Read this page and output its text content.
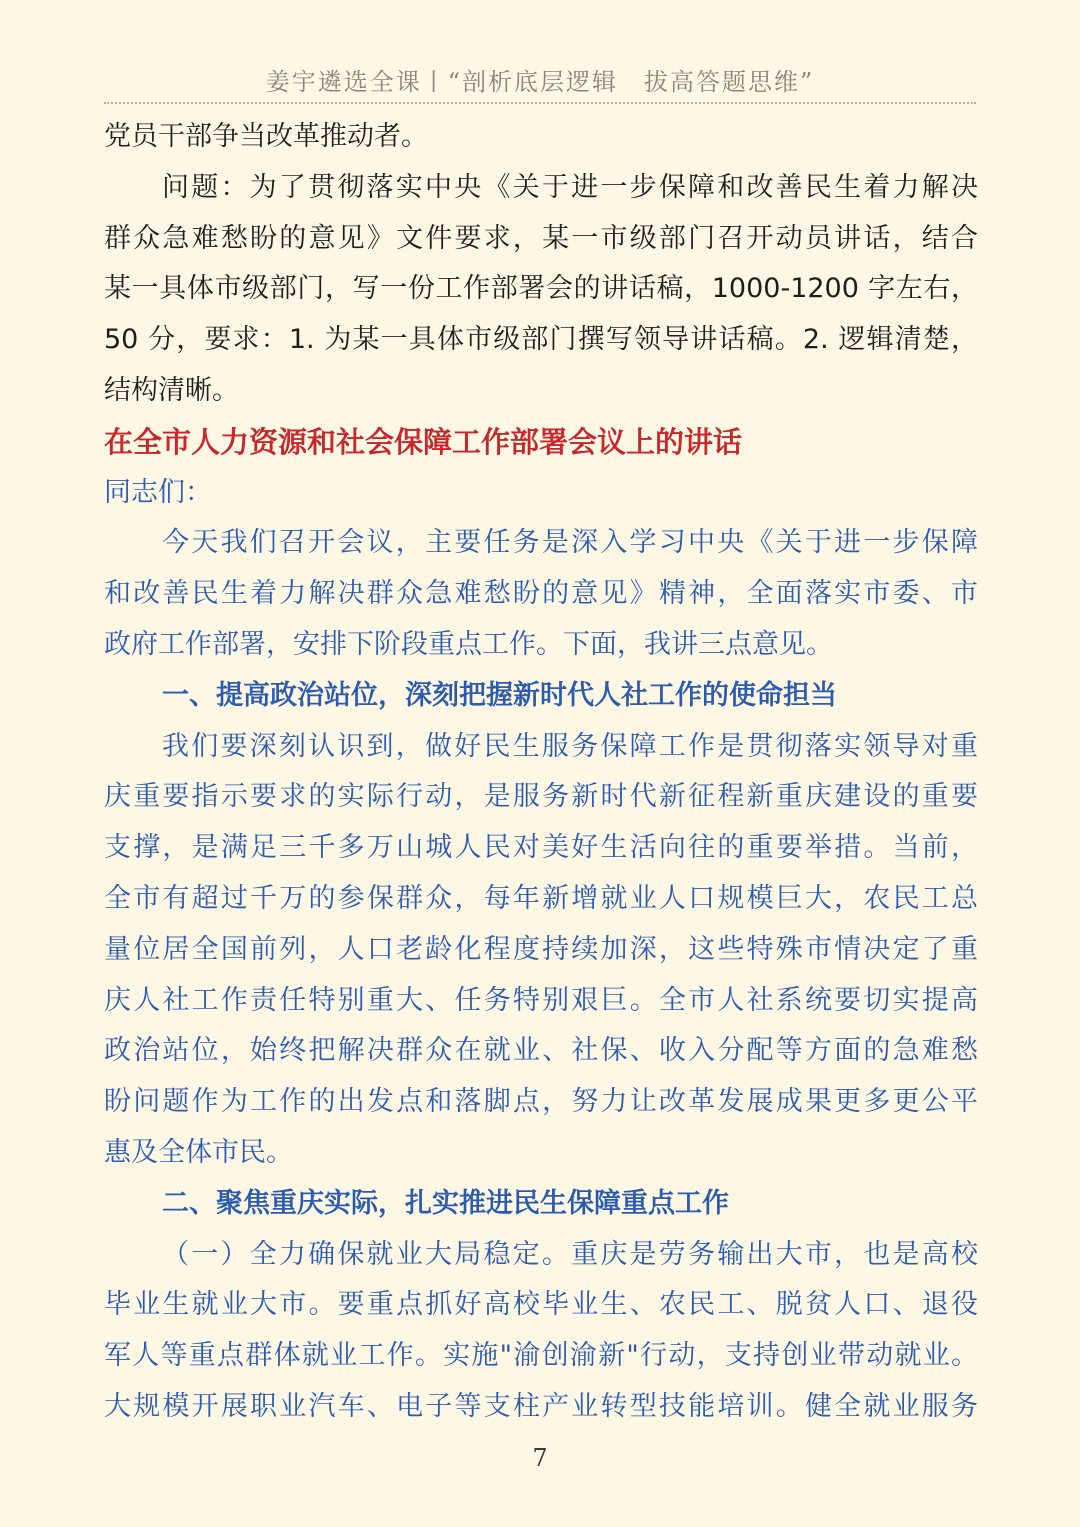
姜宇遴选全课丨“剖析底层逻辑　拔高答题思维”
党员干部争当改革推动者。
问题：为了贯彻落实中央《关于进一步保障和改善民生着力解决
群众急难愁盼的意见》文件要求，某一市级部门召开动员讲话，结合
某一具体市级部门，写一份工作部署会的讲话稿，1000-1200 字左右，
50 分，要求：1. 为某一具体市级部门撰写领导讲话稿。2. 逻辑清楚，
结构清晰。
在全市人力资源和社会保障工作部署会议上的讲话
同志们：
今天我们召开会议，主要任务是深入学习中央《关于进一步保障
和改善民生着力解决群众急难愁盼的意见》精神，全面落实市委、市
政府工作部署，安排下阶段重点工作。下面，我讲三点意见。
一、提高政治站位，深刻把握新时代人社工作的使命担当
我们要深刻认识到，做好民生服务保障工作是贯彻落实领导对重
庆重要指示要求的实际行动，是服务新时代新征程新重庆建设的重要
支撑，是满足三千多万山城人民对美好生活向往的重要举措。当前，
全市有超过千万的参保群众，每年新增就业人口规模巨大，农民工总
量位居全国前列，人口老龄化程度持续加深，这些特殊市情决定了重
庆人社工作责任特别重大、任务特别艰巨。全市人社系统要切实提高
政治站位，始终把解决群众在就业、社保、收入分配等方面的急难愁
盼问题作为工作的出发点和落脚点，努力让改革发展成果更多更公平
惠及全体市民。
二、聚焦重庆实际，扎实推进民生保障重点工作
（一）全力确保就业大局稳定。重庆是劳务输出大市，也是高校
毕业生就业大市。要重点抓好高校毕业生、农民工、脱贫人口、退役
军人等重点群体就业工作。实施"渝创渝新"行动，支持创业带动就业。
大规模开展职业汽车、电子等支柱产业转型技能培训。健全就业服务
7
